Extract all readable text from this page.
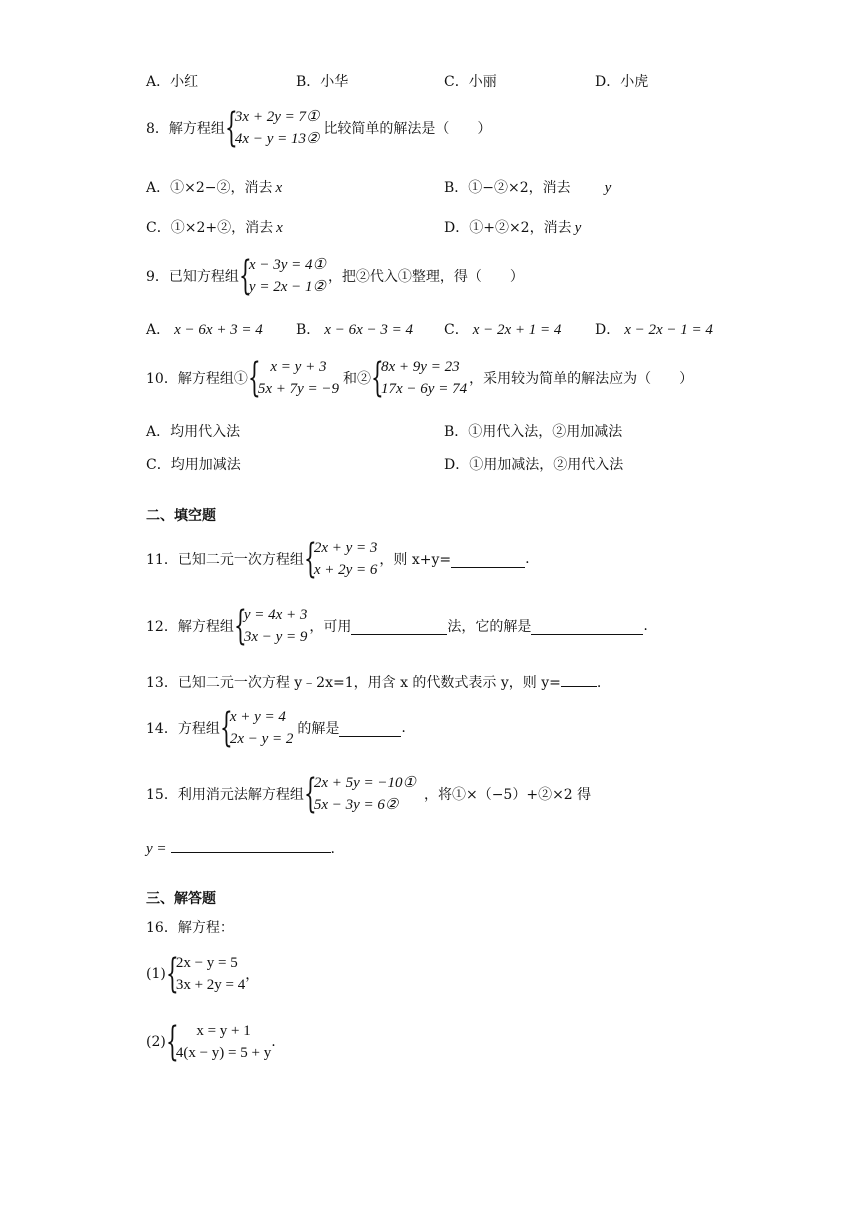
A．小红	B．小华	C．小丽	D．小虎
8．解方程组 {
3x + 2y = 7①
4x − y = 13②
比较简单的解法是（　　）
A．①×2−②，消去 x	B．①−②×2，消去 y
C．①×2+②，消去 x	D．①+②×2，消去 y
9．已知方程组 {
x − 3y = 4①
y = 2x − 1②
，把②代入①整理，得（　　）
A． x − 6x + 3 = 4 B． x − 6x − 3 = 4 C． x − 2x + 1 = 4 D． x − 2x − 1 = 4
10．解方程组① { x = y + 3
5x + 7y = −9
和② {
8x + 9y = 23
17x − 6y = 74
，采用较为简单的解法应为（　　）
A．均用代入法	B．①用代入法，②用加减法
C．均用加减法	D．①用加减法，②用代入法
二、填空题
11．已知二元一次方程组 {
2x + y = 3
x + 2y = 6
，则 x+y=	.
12．解方程组 {
y = 4x + 3
3x − y = 9
，可用	法，它的解是	.
13．已知二元一次方程 y﹣2x=1，用含 x 的代数式表示 y，则 y=	.
14．方程组 {
x + y = 4
2x − y = 2
的解是	.
15．利用消元法解方程组 {
2x + 5y = −10①
5x − 3y = 6②
，将①×（−5）+②×2 得
y =	.
三、解答题
16．解方程：
(1) {
2x − y = 5
3x + 2y = 4
，
(2) {	x = y + 1
4(x − y) = 5 + y
.
